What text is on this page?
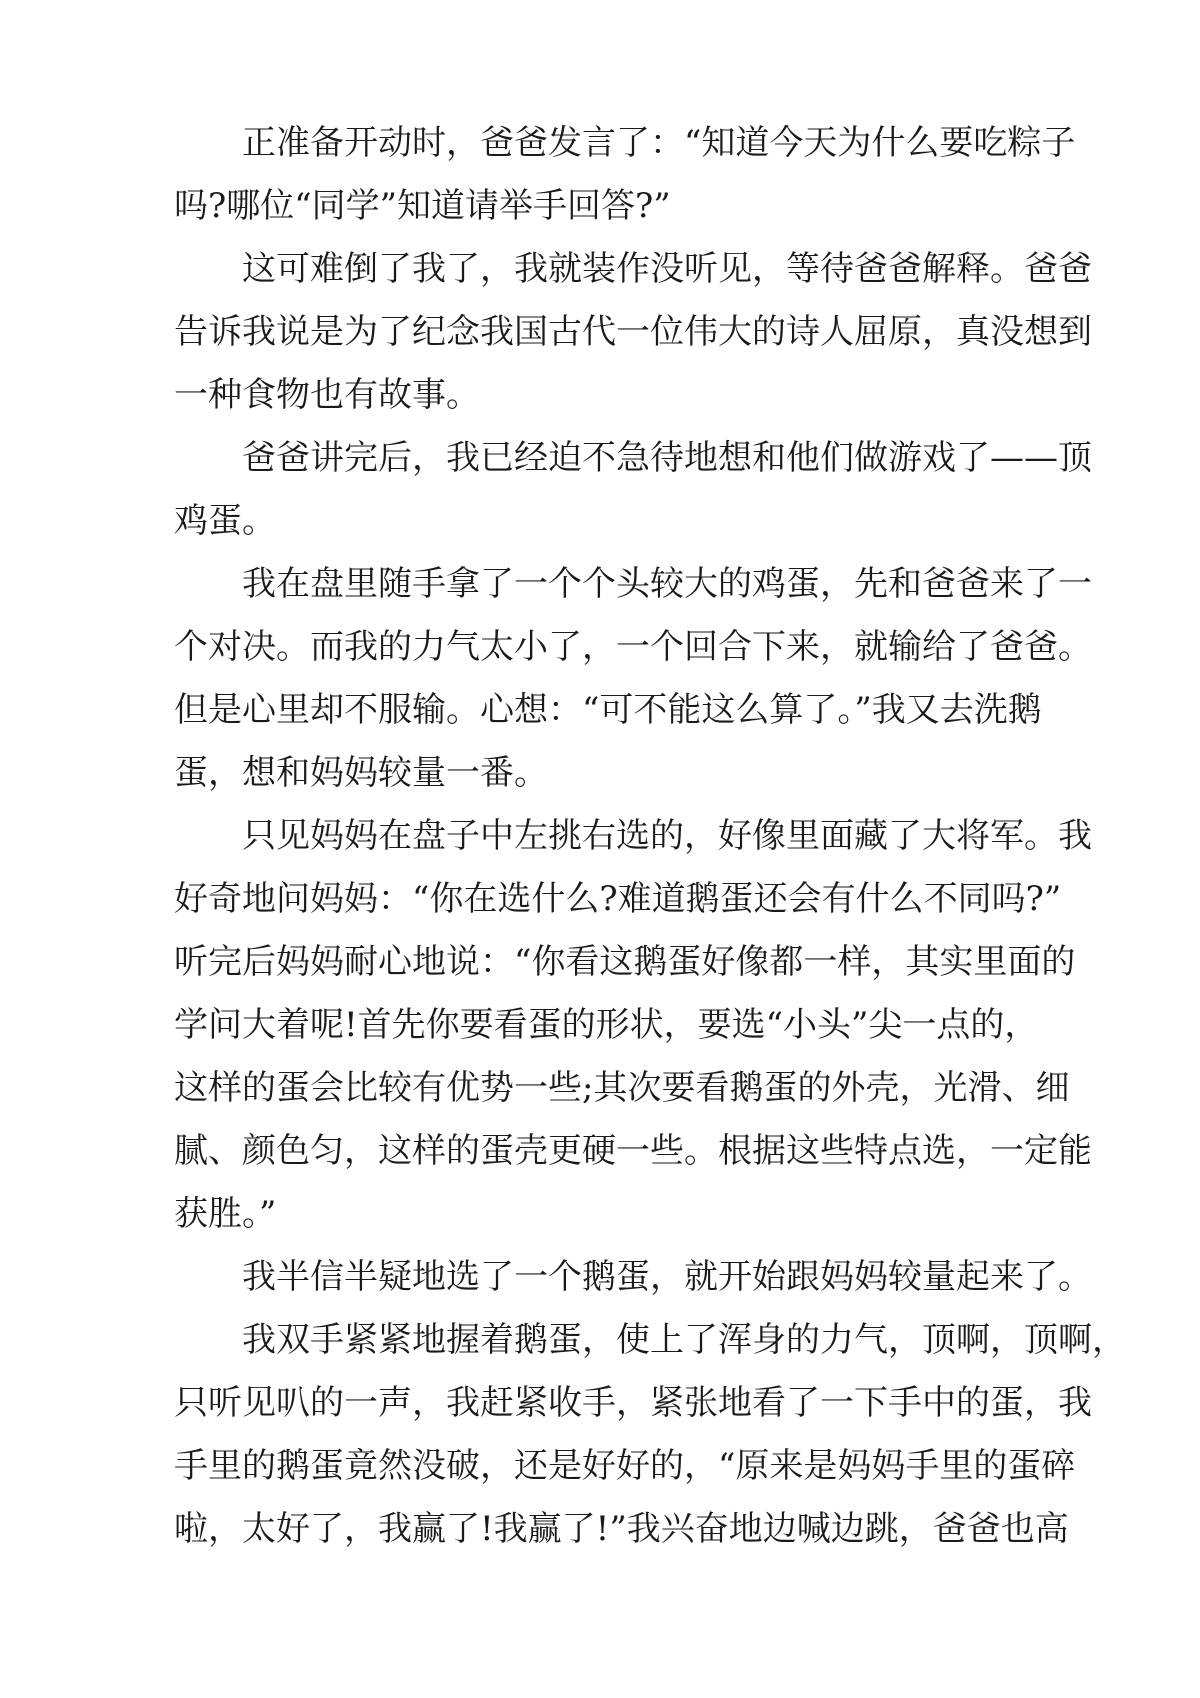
正准备开动时，爸爸发言了：“知道今天为什么要吃粽子
吗?哪位“同学”知道请举手回答?”

这可难倒了我了，我就装作没听见，等待爸爸解释。爸爸
告诉我说是为了纪念我国古代一位伟大的诗人屈原，真没想到
一种食物也有故事。

爸爸讲完后，我已经迫不急待地想和他们做游戏了——顶
鸡蛋。

我在盘里随手拿了一个个头较大的鸡蛋，先和爸爸来了一
个对决。而我的力气太小了，一个回合下来，就输给了爸爸。
但是心里却不服输。心想：“可不能这么算了。”我又去洗鹅
蛋，想和妈妈较量一番。

只见妈妈在盘子中左挑右选的，好像里面藏了大将军。我
好奇地问妈妈：“你在选什么?难道鹅蛋还会有什么不同吗?”
听完后妈妈耐心地说：“你看这鹅蛋好像都一样，其实里面的
学问大着呢!首先你要看蛋的形状，要选“小头”尖一点的，
这样的蛋会比较有优势一些;其次要看鹅蛋的外壳，光滑、细
腻、颜色匀，这样的蛋壳更硬一些。根据这些特点选，一定能
获胜。”

我半信半疑地选了一个鹅蛋，就开始跟妈妈较量起来了。

我双手紧紧地握着鹅蛋，使上了浑身的力气，顶啊，顶啊，
只听见叭的一声，我赶紧收手，紧张地看了一下手中的蛋，我
手里的鹅蛋竟然没破，还是好好的，“原来是妈妈手里的蛋碎
啦，太好了，我赢了!我赢了!”我兴奋地边喊边跳，爸爸也高
